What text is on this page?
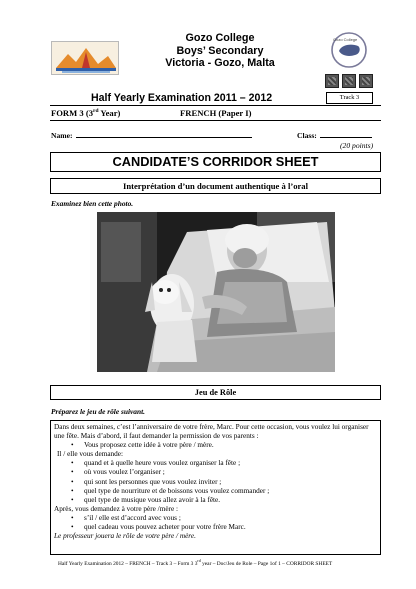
Gozo College
Boys’ Secondary
Victoria - Gozo, Malta
Gozo College
Half Yearly Examination 2011 – 2012	Track 3
FORM 3 (3rd Year)	FRENCH (Paper I)
Name:	Class:
(20 points)
CANDIDATE’S CORRIDOR SHEET
Interprétation d’un document authentique à l’oral
Examinez bien cette photo.
Jeu de Rôle
Préparez le jeu de rôle suivant.

Dans deux semaines, c’est l’anniversaire de votre frère, Marc. Pour cette occasion, vous voulez lui organiser une fête. Mais d’abord, il faut demander la permission de vos parents :

• Vous proposez cette idée à votre père / mère.

Il / elle vous demande:

• quand et à quelle heure vous voulez organiser la fête ;
• où vous voulez l’organiser ;
• qui sont les personnes que vous voulez inviter ;
• quel type de nourriture et de boissons vous voulez commander ;
• quel type de musique vous allez avoir à la fête.

Après, vous demandez à votre père /mère :

• s’il / elle est d’accord avec vous ;
• quel cadeau vous pouvez acheter pour votre frère Marc.

Le professeur jouera le rôle de votre père / mère.

Half Yearly Examination 2012 – FRENCH – Track 3 – Form 3 3rd year – Doc/Jeu de Role – Page 1of 1 – CORRIDOR SHEET
